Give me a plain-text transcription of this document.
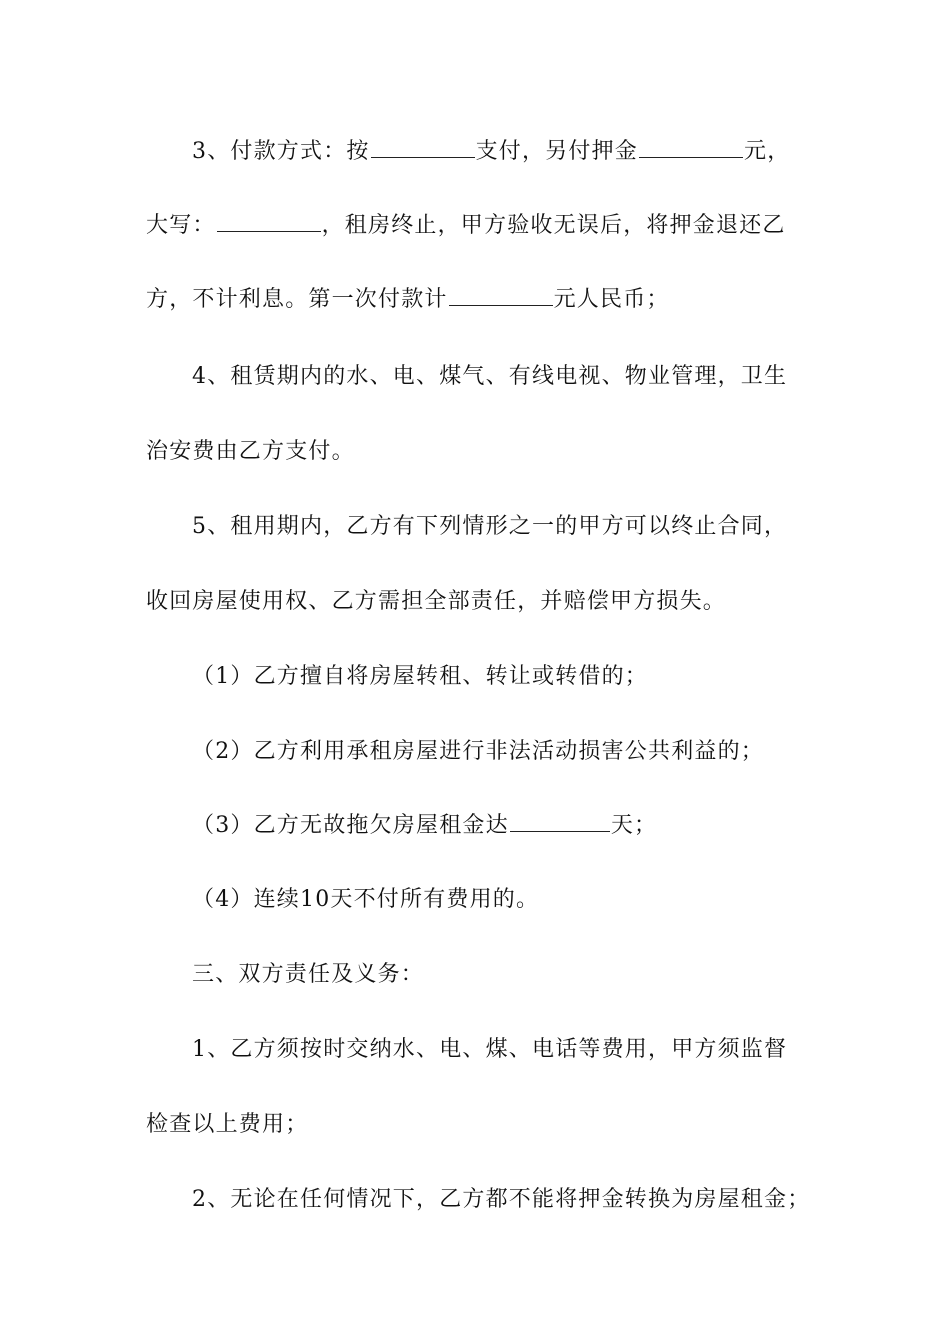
3、付款方式：按	支付，另付押金	元，
大写：	，租房终止，甲方验收无误后，将押金退还乙
方，不计利息。第一次付款计	元人民币；
4、租赁期内的水、电、煤气、有线电视、物业管理，卫生
治安费由乙方支付。
5、租用期内，乙方有下列情形之一的甲方可以终止合同，
收回房屋使用权、乙方需担全部责任，并赔偿甲方损失。
（1）乙方擅自将房屋转租、转让或转借的；
（2）乙方利用承租房屋进行非法活动损害公共利益的；
（3）乙方无故拖欠房屋租金达	天；
（4）连续10天不付所有费用的。
三、双方责任及义务：
1、乙方须按时交纳水、电、煤、电话等费用，甲方须监督
检查以上费用；
2、无论在任何情况下，乙方都不能将押金转换为房屋租金；
